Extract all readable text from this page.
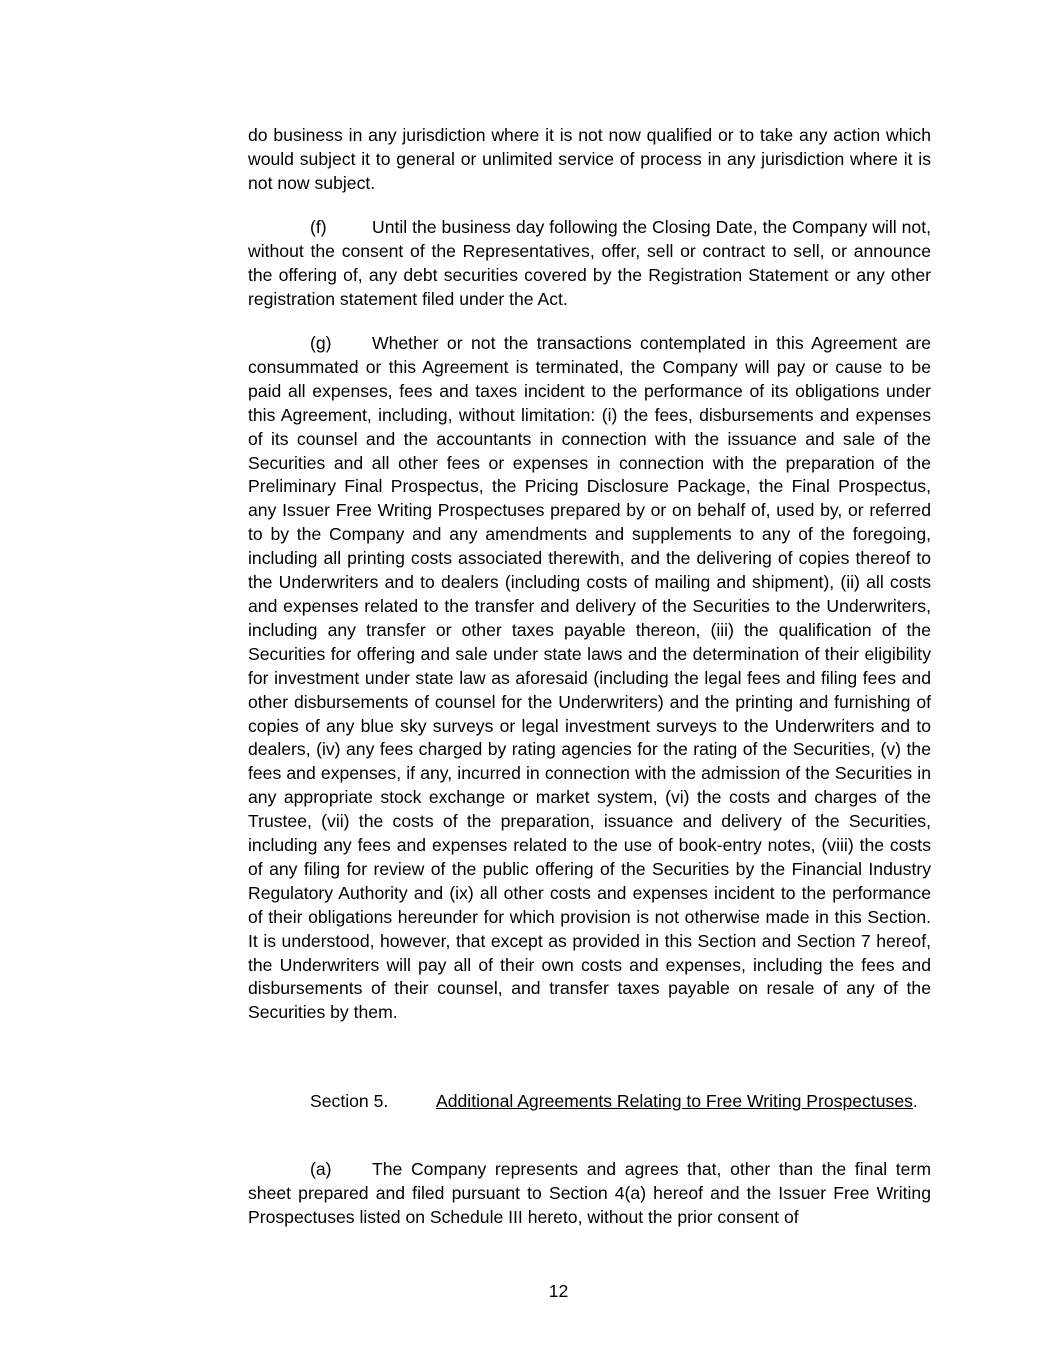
do business in any jurisdiction where it is not now qualified or to take any action which would subject it to general or unlimited service of process in any jurisdiction where it is not now subject.
(f)	Until the business day following the Closing Date, the Company will not, without the consent of the Representatives, offer, sell or contract to sell, or announce the offering of, any debt securities covered by the Registration Statement or any other registration statement filed under the Act.
(g) Whether or not the transactions contemplated in this Agreement are consummated or this Agreement is terminated, the Company will pay or cause to be paid all expenses, fees and taxes incident to the performance of its obligations under this Agreement, including, without limitation: (i) the fees, disbursements and expenses of its counsel and the accountants in connection with the issuance and sale of the Securities and all other fees or expenses in connection with the preparation of the Preliminary Final Prospectus, the Pricing Disclosure Package, the Final Prospectus, any Issuer Free Writing Prospectuses prepared by or on behalf of, used by, or referred to by the Company and any amendments and supplements to any of the foregoing, including all printing costs associated therewith, and the delivering of copies thereof to the Underwriters and to dealers (including costs of mailing and shipment), (ii) all costs and expenses related to the transfer and delivery of the Securities to the Underwriters, including any transfer or other taxes payable thereon, (iii) the qualification of the Securities for offering and sale under state laws and the determination of their eligibility for investment under state law as aforesaid (including the legal fees and filing fees and other disbursements of counsel for the Underwriters) and the printing and furnishing of copies of any blue sky surveys or legal investment surveys to the Underwriters and to dealers, (iv) any fees charged by rating agencies for the rating of the Securities, (v) the fees and expenses, if any, incurred in connection with the admission of the Securities in any appropriate stock exchange or market system, (vi) the costs and charges of the Trustee, (vii) the costs of the preparation, issuance and delivery of the Securities, including any fees and expenses related to the use of book-entry notes, (viii) the costs of any filing for review of the public offering of the Securities by the Financial Industry Regulatory Authority and (ix) all other costs and expenses incident to the performance of their obligations hereunder for which provision is not otherwise made in this Section. It is understood, however, that except as provided in this Section and Section 7 hereof, the Underwriters will pay all of their own costs and expenses, including the fees and disbursements of their counsel, and transfer taxes payable on resale of any of the Securities by them.
Section 5.	Additional Agreements Relating to Free Writing Prospectuses.
(a) The Company represents and agrees that, other than the final term sheet prepared and filed pursuant to Section 4(a) hereof and the Issuer Free Writing Prospectuses listed on Schedule III hereto, without the prior consent of
12
